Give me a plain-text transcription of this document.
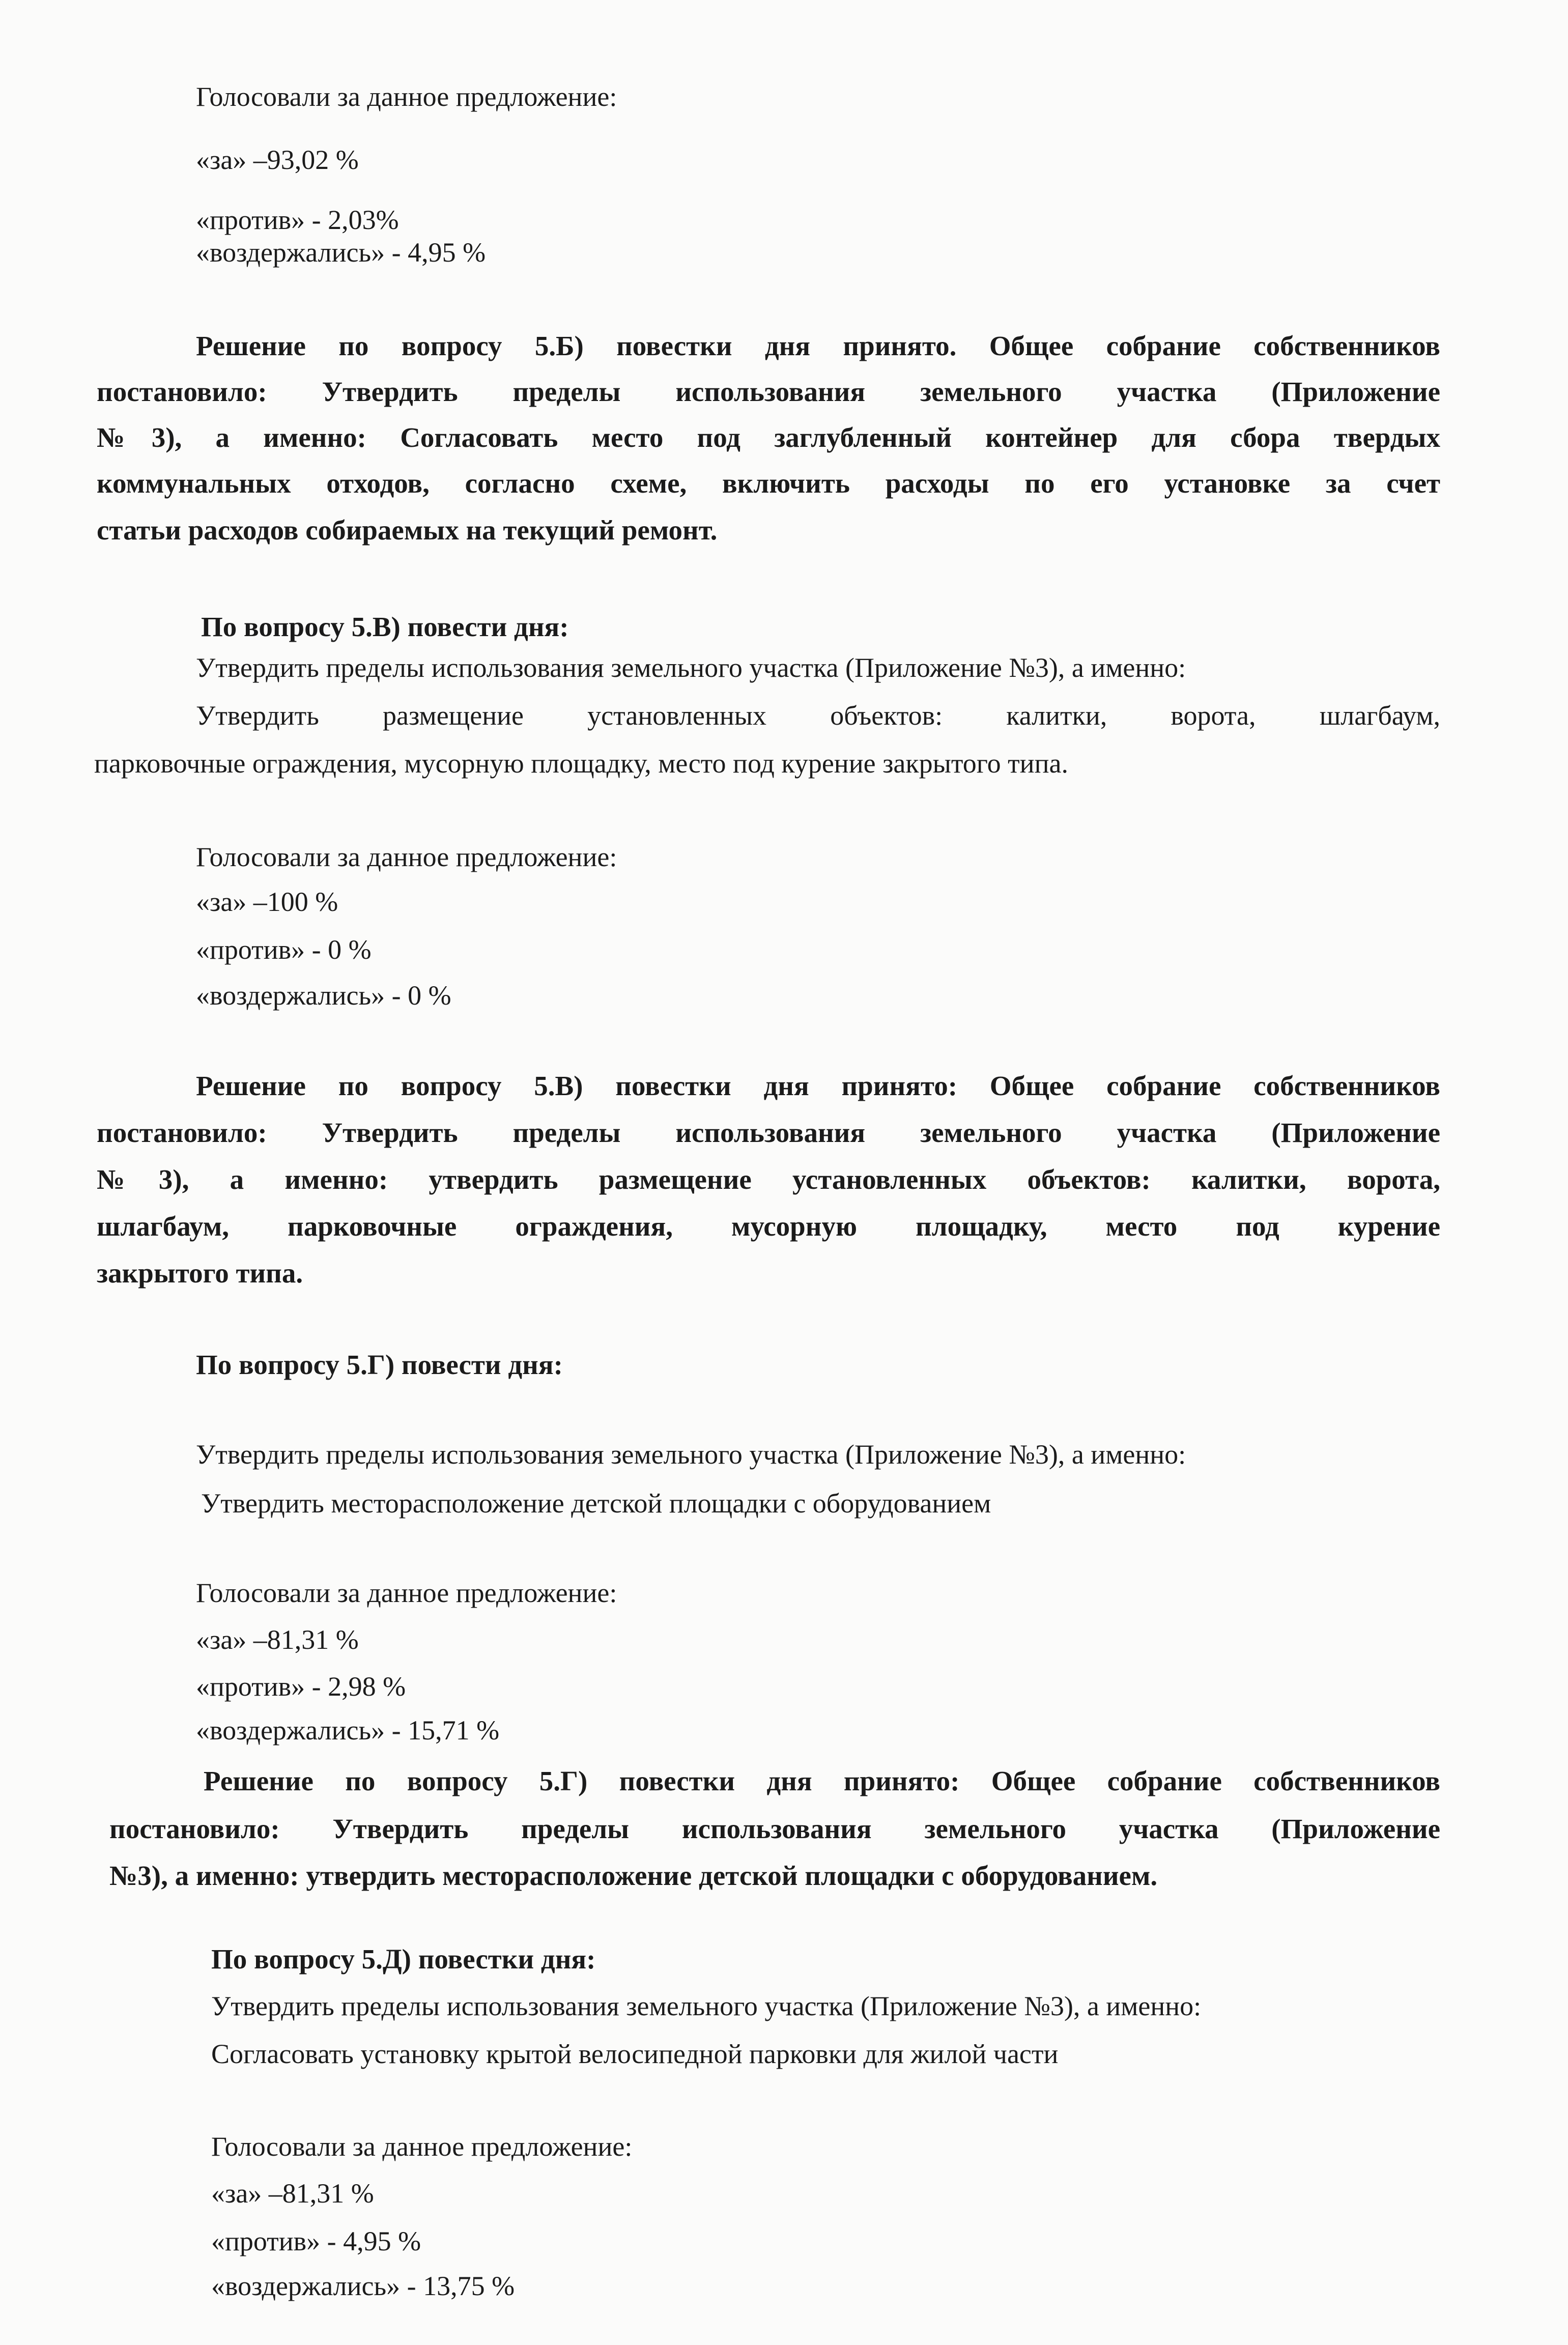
Голосовали за данное предложение:
«за» –93,02 %
«против» - 2,03%
«воздержались» - 4,95 %
Решение по вопросу 5.Б) повестки дня принято. Общее собрание собственников
постановило: Утвердить пределы использования земельного участка (Приложение
№3), а именно: Согласовать место под заглубленный контейнер для сбора твердых
коммунальных отходов, согласно схеме, включить расходы по его установке за счет
статьи расходов собираемых на текущий ремонт.
По вопросу 5.В) повести дня:
Утвердить пределы использования земельного участка (Приложение №3), а именно:
Утвердить размещение установленных объектов: калитки, ворота, шлагбаум,
парковочные ограждения, мусорную площадку, место под курение закрытого типа.
Голосовали за данное предложение:
«за» –100 %
«против» - 0 %
«воздержались» - 0 %
Решение по вопросу 5.В) повестки дня принято: Общее собрание собственников
постановило: Утвердить пределы использования земельного участка (Приложение
№3), а именно: утвердить размещение установленных объектов: калитки, ворота,
шлагбаум, парковочные ограждения, мусорную площадку, место под курение
закрытого типа.
По вопросу 5.Г) повести дня:
Утвердить пределы использования земельного участка (Приложение №3), а именно:
Утвердить месторасположение детской площадки с оборудованием
Голосовали за данное предложение:
«за» –81,31 %
«против» - 2,98 %
«воздержались» - 15,71 %
Решение по вопросу 5.Г) повестки дня принято: Общее собрание собственников
постановило: Утвердить пределы использования земельного участка (Приложение
№3), а именно: утвердить месторасположение детской площадки с оборудованием.
По вопросу 5.Д) повестки дня:
Утвердить пределы использования земельного участка (Приложение №3), а именно:
Согласовать установку крытой велосипедной парковки для жилой части
Голосовали за данное предложение:
«за» –81,31 %
«против» - 4,95 %
«воздержались» - 13,75 %
